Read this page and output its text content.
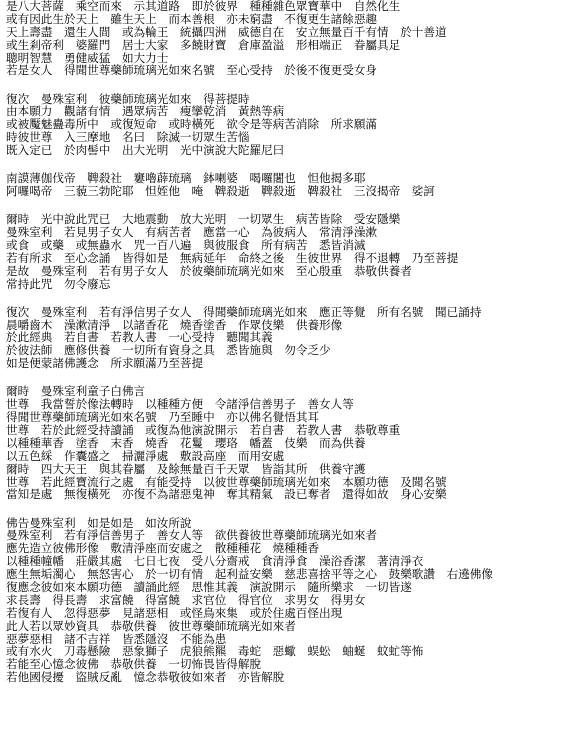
是八大菩薩　乘空而來　示其道路　即於彼界　種種雜色眾寶華中　自然化生
或有因此生於天上　雖生天上　而本善根　亦未窮盡　不復更生諸餘惡趣
天上壽盡　還生人間　或為輪王　統攝四洲　威德自在　安立無量百千有情　於十善道
或生剎帝利　婆羅門　居士大家　多饒財寶　倉庫盈溢　形相端正　眷屬具足
聰明智慧　勇健威猛　如大力士
若是女人　得聞世尊藥師琉璃光如來名號　至心受持　於後不復更受女身
復次　曼殊室利　彼藥師琉璃光如來　得菩提時
由本願力　觀諸有情　遇眾病苦　瘦攣乾消　黃熱等病
或被魘魅蠱毒所中　或復短命　或時橫死　欲令是等病苦消除　所求願滿
時彼世尊　入三摩地　名曰　除滅一切眾生苦惱
既入定已　於肉髻中　出大光明　光中演說大陀羅尼曰
南謨薄伽伐帝　鞞殺社　窶嚕薜琉璃　鉢喇婆　喝囉闍也　怛他揭多耶
阿囉喝帝　三藐三勃陀耶　怛姪他　唵　鞞殺逝　鞞殺逝　鞞殺社　三沒揭帝　娑訶
爾時　光中說此咒已　大地震動　放大光明　一切眾生　病苦皆除　受安隱樂
曼殊室利　若見男子女人　有病苦者　應當一心　為彼病人　常清淨澡漱
或食　或藥　或無蟲水　咒一百八遍　與彼服食　所有病苦　悉皆消滅
若有所求　至心念誦　皆得如是　無病延年　命終之後　生彼世界　得不退轉　乃至菩提
是故　曼殊室利　若有男子女人　於彼藥師琉璃光如來　至心殷重　恭敬供養者
常持此咒　勿令廢忘
復次　曼殊室利　若有淨信男子女人　得聞藥師琉璃光如來　應正等覺　所有名號　聞已誦持
晨嚼齒木　澡漱清淨　以諸香花　燒香塗香　作眾伎樂　供養形像
於此經典　若自書　若教人書　一心受持　聽聞其義
於彼法師　應修供養　一切所有資身之具　悉皆施與　勿令乏少
如是便蒙諸佛護念　所求願滿乃至菩提
爾時　曼殊室利童子白佛言
世尊　我當誓於像法轉時　以種種方便　令諸淨信善男子　善女人等
得聞世尊藥師琉璃光如來名號　乃至睡中　亦以佛名覺悟其耳
世尊　若於此經受持讀誦　或復為他演說開示　若自書　若教人書　恭敬尊重
以種種華香　塗香　末香　燒香　花鬘　瓔珞　幡蓋　伎樂　而為供養
以五色綵　作囊盛之　掃灑淨處　敷設高座　而用安處
爾時　四大天王　與其眷屬　及餘無量百千天眾　皆詣其所　供養守護
世尊　若此經寶流行之處　有能受持　以彼世尊藥師琉璃光如來　本願功德　及聞名號
當知是處　無復橫死　亦復不為諸惡鬼神　奪其精氣　設已奪者　還得如故　身心安樂
佛告曼殊室利　如是如是　如汝所說
曼殊室利　若有淨信善男子　善女人等　欲供養彼世尊藥師琉璃光如來者
應先造立彼佛形像　敷清淨座而安處之　散種種花　燒種種香
以種種幢幡　莊嚴其處　七日七夜　受八分齋戒　食清淨食　澡浴香潔　著清淨衣
應生無垢濁心　無怒害心　於一切有情　起利益安樂　慈悲喜捨平等之心　鼓樂歌讚　右遶佛像
復應念彼如來本願功德　讀誦此經　思惟其義　演說開示　隨所樂求　一切皆遂
求長壽　得長壽　求富饒　得富饒　求官位　得官位　求男女　得男女
若復有人　忽得惡夢　見諸惡相　或怪鳥來集　或於住處百怪出現
此人若以眾妙資具　恭敬供養　彼世尊藥師琉璃光如來者
惡夢惡相　諸不吉祥　皆悉隱沒　不能為患
或有水火　刀毒懸險　惡象獅子　虎狼熊羆　毒蛇　惡蠍　蜈蚣　蚰蜒　蚊虻等怖
若能至心憶念彼佛　恭敬供養　一切怖畏皆得解脫
若他國侵擾　盜賊反亂　憶念恭敬彼如來者　亦皆解脫
